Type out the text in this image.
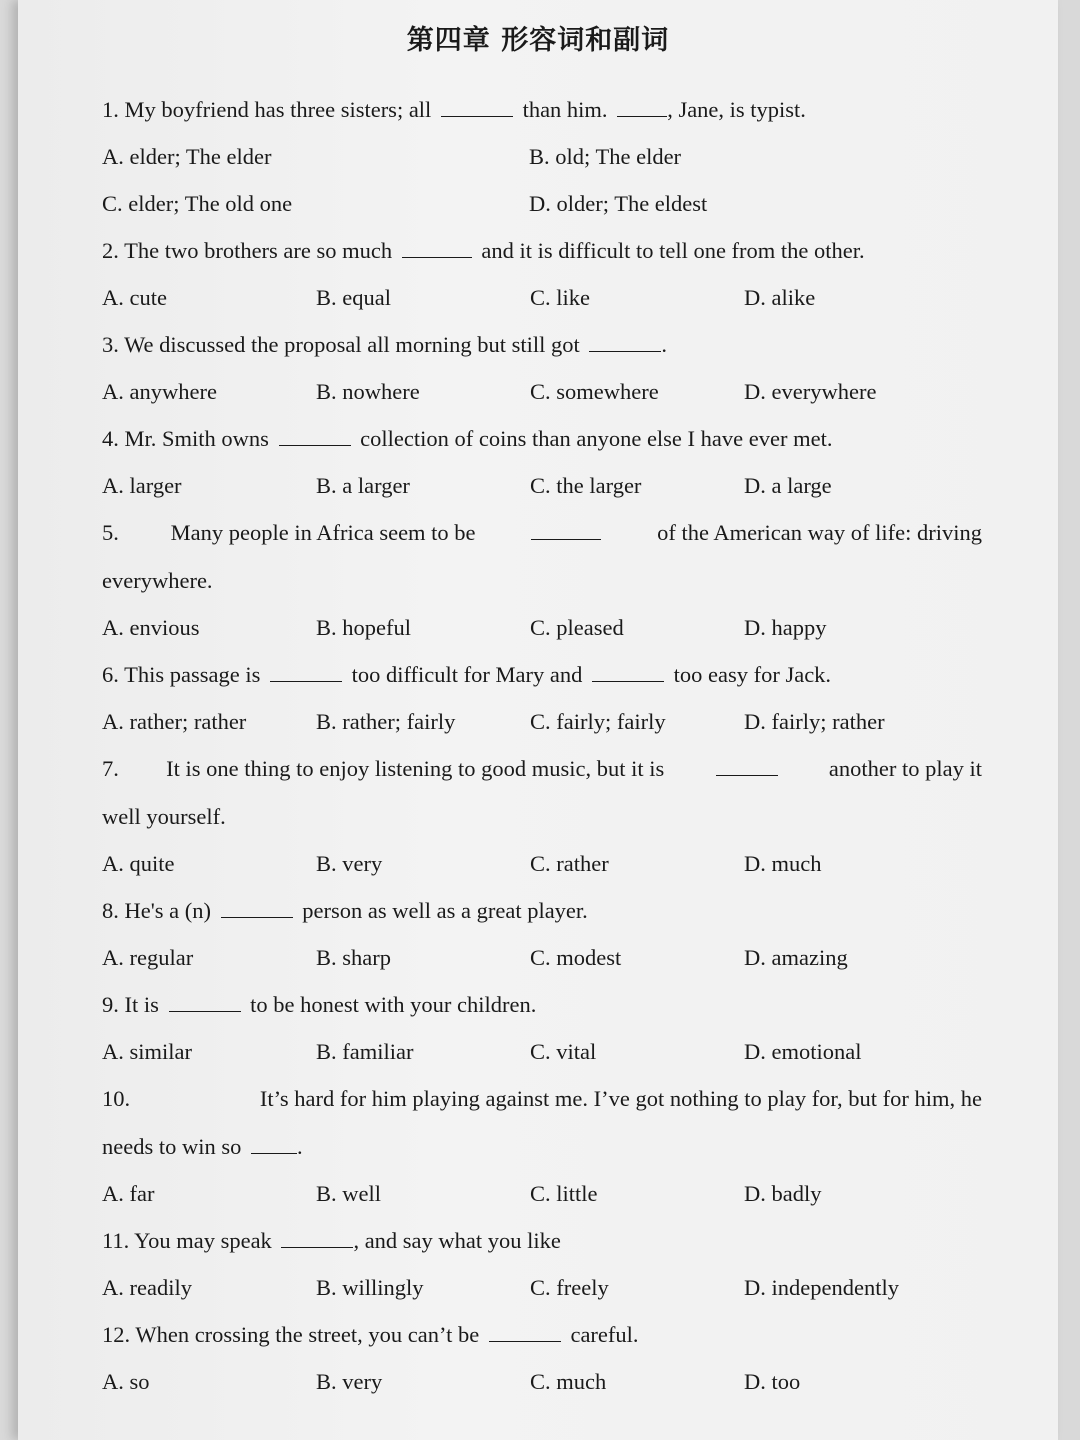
第四章 形容词和副词
1. My boyfriend has three sisters; all	than him.	, Jane, is typist.
A. elder; The elder	B. old; The elder
C. elder; The old one	D. older; The eldest
2. The two brothers are so much	and it is difficult to tell one from the other.
A. cute	B. equal	C. like	D. alike
3. We discussed the proposal all morning but still got	.
A. anywhere	B. nowhere	C. somewhere	D. everywhere
4. Mr. Smith owns	collection of coins than anyone else I have ever met.
A. larger	B. a larger	C. the larger	D. a large
5. Many people in Africa seem to be	of the American way of life: driving
everywhere.
A. envious	B. hopeful	C. pleased	D. happy
6. This passage is	too difficult for Mary and	too easy for Jack.
A. rather; rather	B. rather; fairly	C. fairly; fairly	D. fairly; rather
7. It is one thing to enjoy listening to good music, but it is	another to play it
well yourself.
A. quite	B. very	C. rather	D. much
8. He's a (n)	person as well as a great player.
A. regular	B. sharp	C. modest	D. amazing
9. It is	to be honest with your children.
A. similar	B. familiar	C. vital	D. emotional
10.	It’s hard for him playing against me. I’ve got nothing to play for, but for him, he
needs to win so .
A. far	B. well	C. little	D. badly
11. You may speak	, and say what you like
A. readily	B. willingly	C. freely	D. independently
12. When crossing the street, you can’t be	careful.
A. so	B. very	C. much	D. too
